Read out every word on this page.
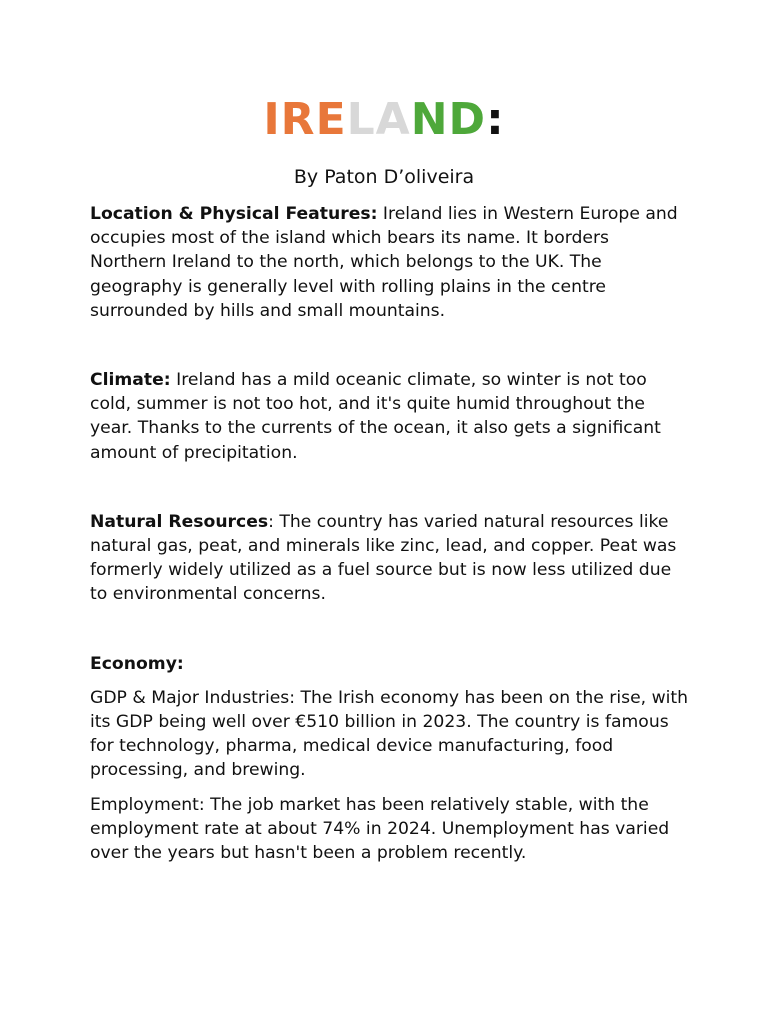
IRELAND:
By Paton D’oliveira

Location & Physical Features: Ireland lies in Western Europe and occupies most of the island which bears its name. It borders Northern Ireland to the north, which belongs to the UK. The geography is generally level with rolling plains in the centre surrounded by hills and small mountains.

Climate: Ireland has a mild oceanic climate, so winter is not too cold, summer is not too hot, and it's quite humid throughout the year. Thanks to the currents of the ocean, it also gets a significant amount of precipitation.

Natural Resources: The country has varied natural resources like natural gas, peat, and minerals like zinc, lead, and copper. Peat was formerly widely utilized as a fuel source but is now less utilized due to environmental concerns.

Economy:

GDP & Major Industries: The Irish economy has been on the rise, with its GDP being well over €510 billion in 2023. The country is famous for technology, pharma, medical device manufacturing, food processing, and brewing.

Employment: The job market has been relatively stable, with the employment rate at about 74% in 2024. Unemployment has varied over the years but hasn't been a problem recently.
